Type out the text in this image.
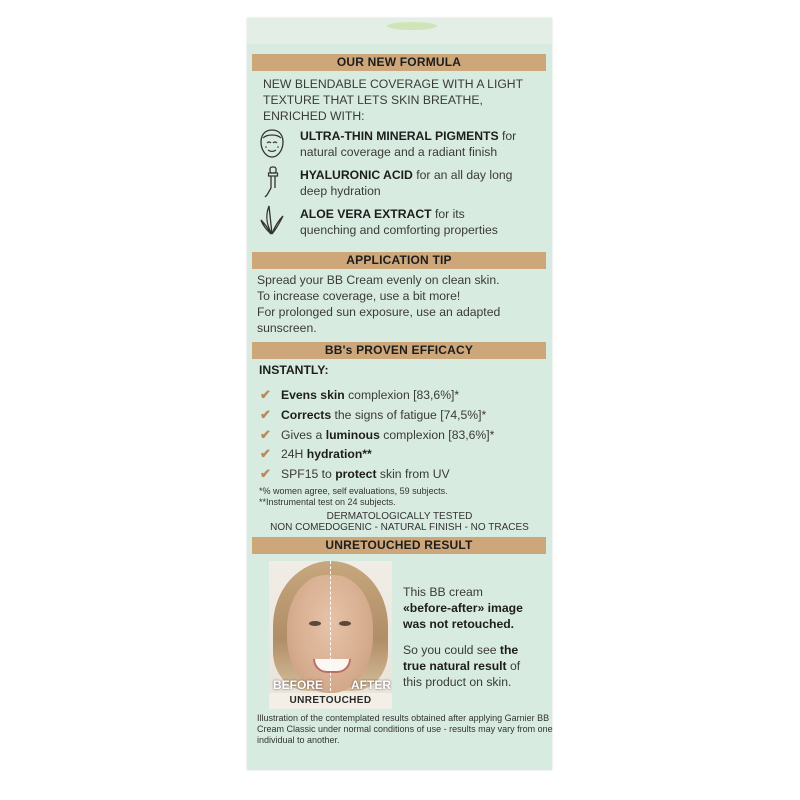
OUR NEW FORMULA
NEW BLENDABLE COVERAGE WITH A LIGHT
TEXTURE THAT LETS SKIN BREATHE,
ENRICHED WITH:
ULTRA-THIN MINERAL PIGMENTS for
natural coverage and a radiant finish
HYALURONIC ACID for an all day long
deep hydration
ALOE VERA EXTRACT for its
quenching and comforting properties
APPLICATION TIP
Spread your BB Cream evenly on clean skin.
To increase coverage, use a bit more!
For prolonged sun exposure, use an adapted
sunscreen.
BB's PROVEN EFFICACY
INSTANTLY:
✔ Evens skin complexion [83,6%]*
✔ Corrects the signs of fatigue [74,5%]*
✔ Gives a luminous complexion [83,6%]*
✔ 24H hydration**
✔ SPF15 to protect skin from UV
*% women agree, self evaluations, 59 subjects.
**Instrumental test on 24 subjects.
DERMATOLOGICALLY TESTED
NON COMEDOGENIC - NATURAL FINISH - NO TRACES
UNRETOUCHED RESULT
BEFORE AFTER
UNRETOUCHED
This BB cream
«before-after» image
was not retouched.
So you could see the
true natural result of
this product on skin.
Illustration of the contemplated results obtained after applying Garnier BB
Cream Classic under normal conditions of use - results may vary from one
individual to another.
